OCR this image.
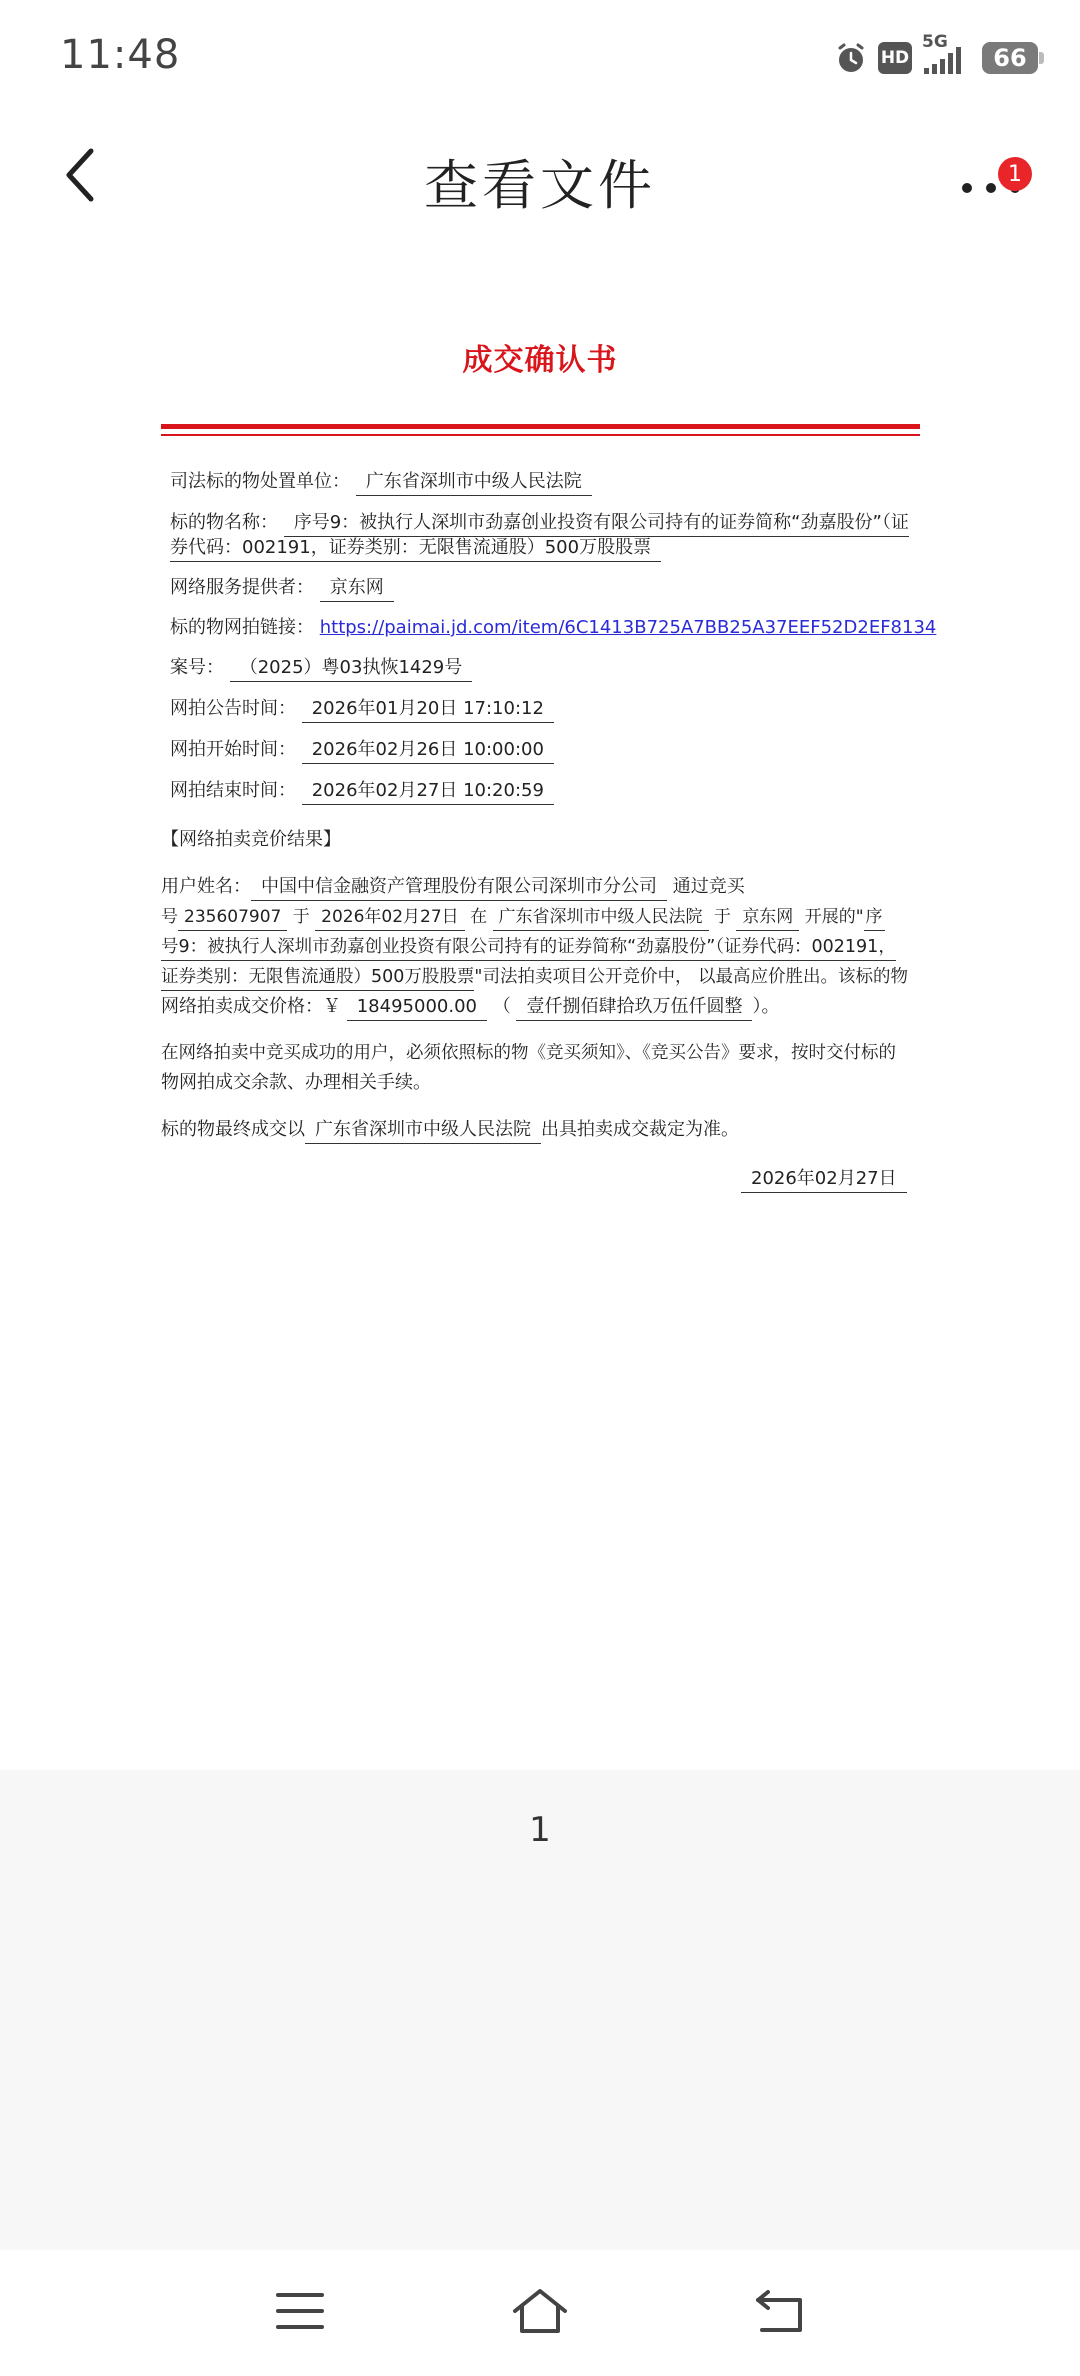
11:48	HD
5G
66
查看文件	1
成交确认书
司法标的物处置单位： 广东省深圳市中级人民法院
标的物名称： 序号9：被执行人深圳市劲嘉创业投资有限公司持有的证券简称“劲嘉股份”（证
券代码：002191，证券类别：无限售流通股）500万股股票
网络服务提供者： 京东网
标的物网拍链接： https://paimai.jd.com/item/6C1413B725A7BB25A37EEF52D2EF8134
案号： （2025）粤03执恢1429号
网拍公告时间： 2026年01月20日 17:10:12
网拍开始时间： 2026年02月26日 10:00:00
网拍结束时间： 2026年02月27日 10:20:59
【网络拍卖竞价结果】
用户姓名： 中国中信金融资产管理股份有限公司深圳市分公司 通过竞买
号 235607907 于 2026年02月27日 在 广东省深圳市中级人民法院 于 京东网 开展的" 序
号9：被执行人深圳市劲嘉创业投资有限公司持有的证券简称“劲嘉股份”（证券代码：002191，
证券类别：无限售流通股）500万股股票"司法拍卖项目公开竞价中， 以最高应价胜出。该标的物
网络拍卖成交价格：￥ 18495000.00 （ 壹仟捌佰肆拾玖万伍仟圆整 ）。
在网络拍卖中竞买成功的用户，必须依照标的物《竞买须知》、《竞买公告》要求，按时交付标的
物网拍成交余款、办理相关手续。
标的物最终成交以 广东省深圳市中级人民法院 出具拍卖成交裁定为准。
2026年02月27日
1
